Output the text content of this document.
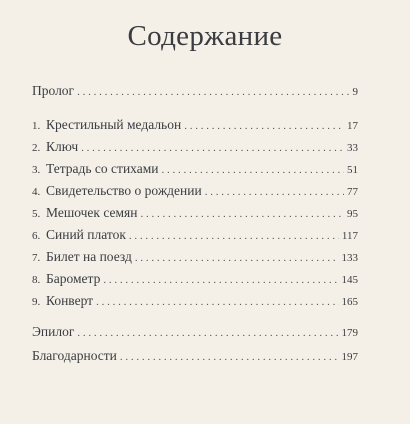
Содержание
Пролог . . .	9
1. Крестильный медальон . . .	17
2. Ключ . . .	33
3. Тетрадь со стихами . . .	51
4. Свидетельство о рождении . . .	77
5. Мешочек семян . . .	95
6. Синий платок . . .	117
7. Билет на поезд . . .	133
8. Барометр . . .	145
9. Конверт . . .	165
Эпилог . . .	179
Благодарности . . .	197
